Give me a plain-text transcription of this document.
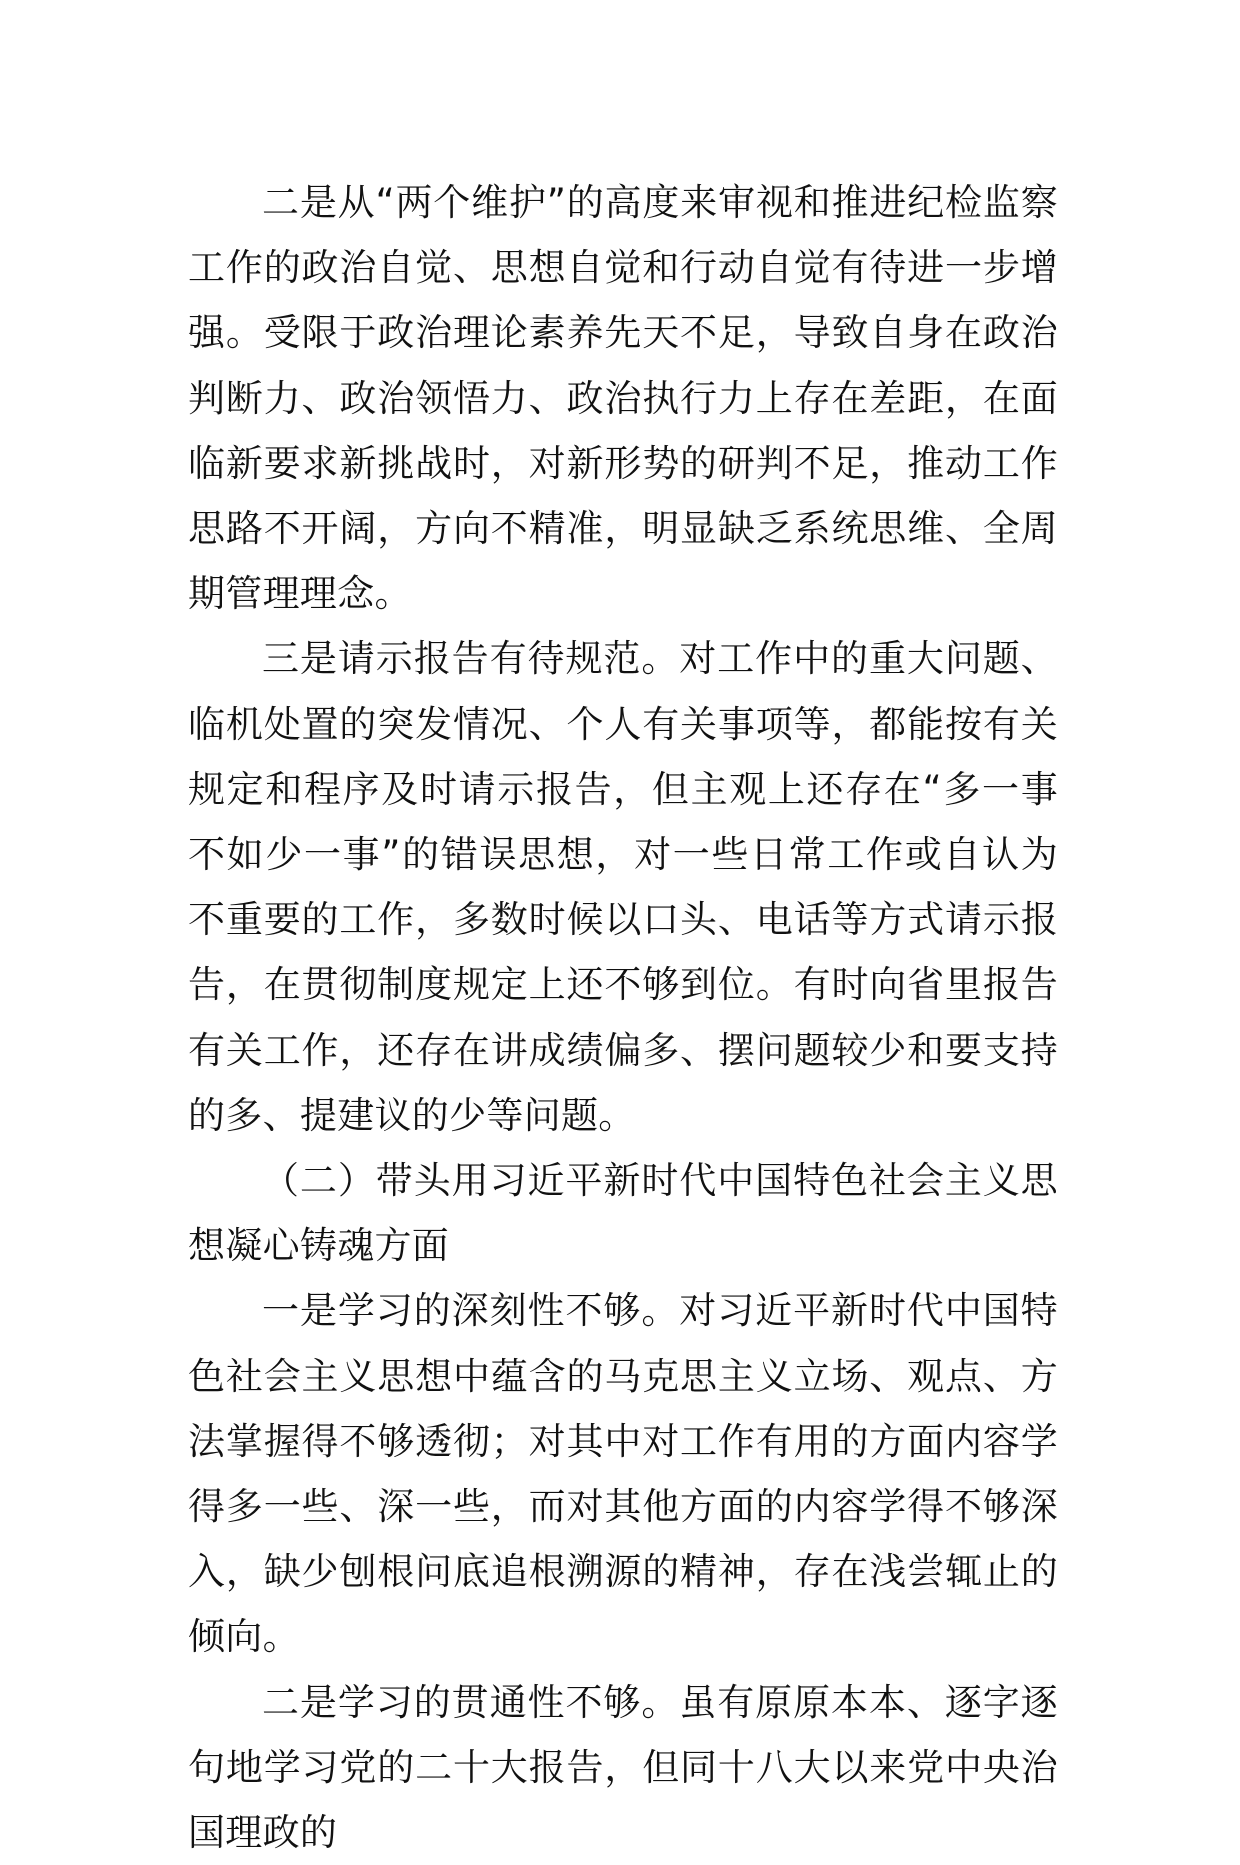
二是从“两个维护”的高度来审视和推进纪检监察工作的政治自觉、思想自觉和行动自觉有待进一步增强。受限于政治理论素养先天不足，导致自身在政治判断力、政治领悟力、政治执行力上存在差距，在面临新要求新挑战时，对新形势的研判不足，推动工作思路不开阔，方向不精准，明显缺乏系统思维、全周期管理理念。

三是请示报告有待规范。对工作中的重大问题、临机处置的突发情况、个人有关事项等，都能按有关规定和程序及时请示报告，但主观上还存在“多一事不如少一事”的错误思想，对一些日常工作或自认为不重要的工作，多数时候以口头、电话等方式请示报告，在贯彻制度规定上还不够到位。有时向省里报告有关工作，还存在讲成绩偏多、摆问题较少和要支持的多、提建议的少等问题。

（二）带头用习近平新时代中国特色社会主义思想凝心铸魂方面

一是学习的深刻性不够。对习近平新时代中国特色社会主义思想中蕴含的马克思主义立场、观点、方法掌握得不够透彻；对其中对工作有用的方面内容学得多一些、深一些，而对其他方面的内容学得不够深入，缺少刨根问底追根溯源的精神，存在浅尝辄止的倾向。

二是学习的贯通性不够。虽有原原本本、逐字逐句地学习党的二十大报告，但同十八大以来党中央治国理政的
